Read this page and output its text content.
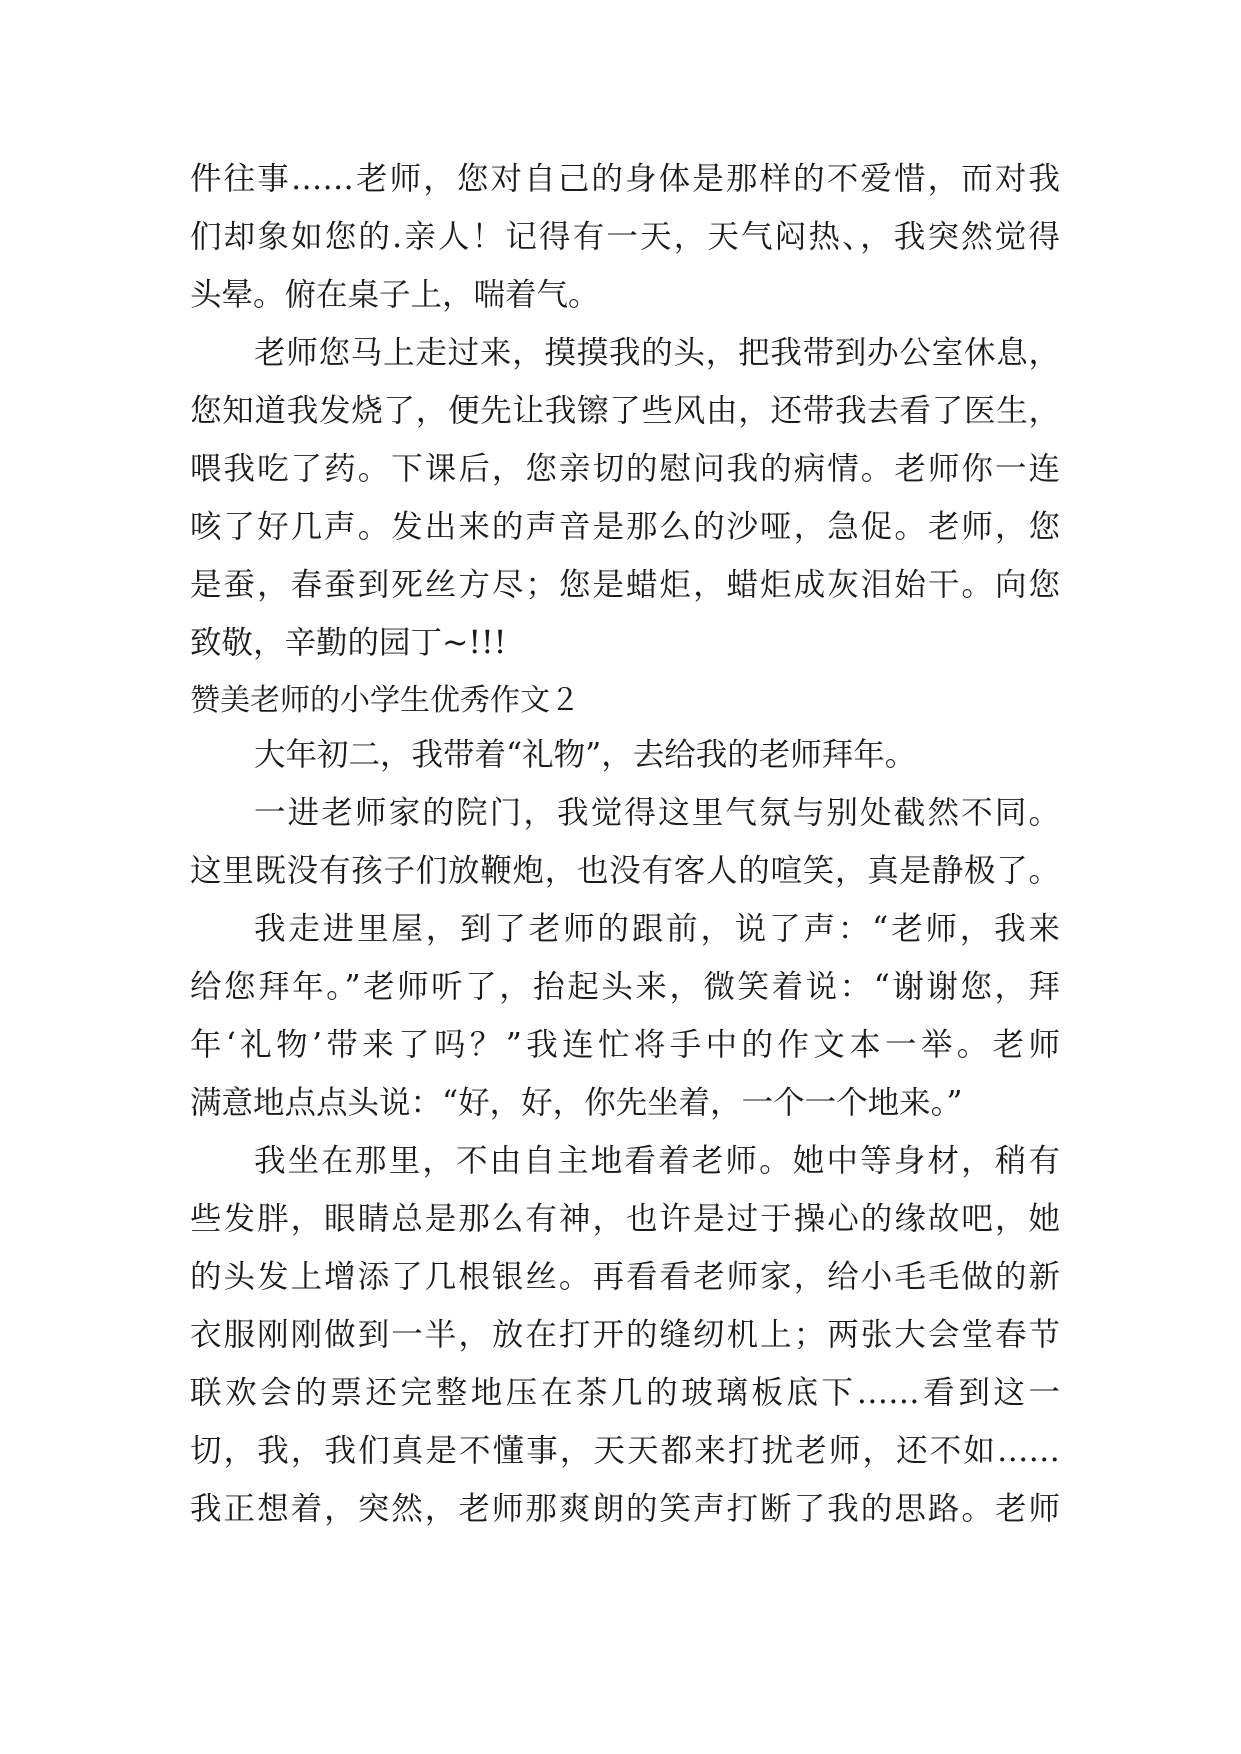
件往事……老师，您对自己的身体是那样的不爱惜，而对我
们却象如您的.亲人！记得有一天，天气闷热、，我突然觉得
头晕。俯在桌子上，喘着气。
老师您马上走过来，摸摸我的头，把我带到办公室休息，
您知道我发烧了，便先让我镲了些风由，还带我去看了医生，
喂我吃了药。下课后，您亲切的慰问我的病情。老师你一连
咳了好几声。发出来的声音是那么的沙哑，急促。老师，您
是蚕，春蚕到死丝方尽；您是蜡炬，蜡炬成灰泪始干。向您
致敬，辛勤的园丁~!!!
赞美老师的小学生优秀作文２
大年初二，我带着“礼物”，去给我的老师拜年。
一进老师家的院门，我觉得这里气氛与别处截然不同。
这里既没有孩子们放鞭炮，也没有客人的喧笑，真是静极了。
我走进里屋，到了老师的跟前，说了声：“老师，我来
给您拜年。”老师听了，抬起头来，微笑着说：“谢谢您，拜
年‘礼物’带来了吗？”我连忙将手中的作文本一举。老师
满意地点点头说：“好，好，你先坐着，一个一个地来。”
我坐在那里，不由自主地看着老师。她中等身材，稍有
些发胖，眼睛总是那么有神，也许是过于操心的缘故吧，她
的头发上增添了几根银丝。再看看老师家，给小毛毛做的新
衣服刚刚做到一半，放在打开的缝纫机上；两张大会堂春节
联欢会的票还完整地压在茶几的玻璃板底下……看到这一
切，我，我们真是不懂事，天天都来打扰老师，还不如……
我正想着，突然，老师那爽朗的笑声打断了我的思路。老师
